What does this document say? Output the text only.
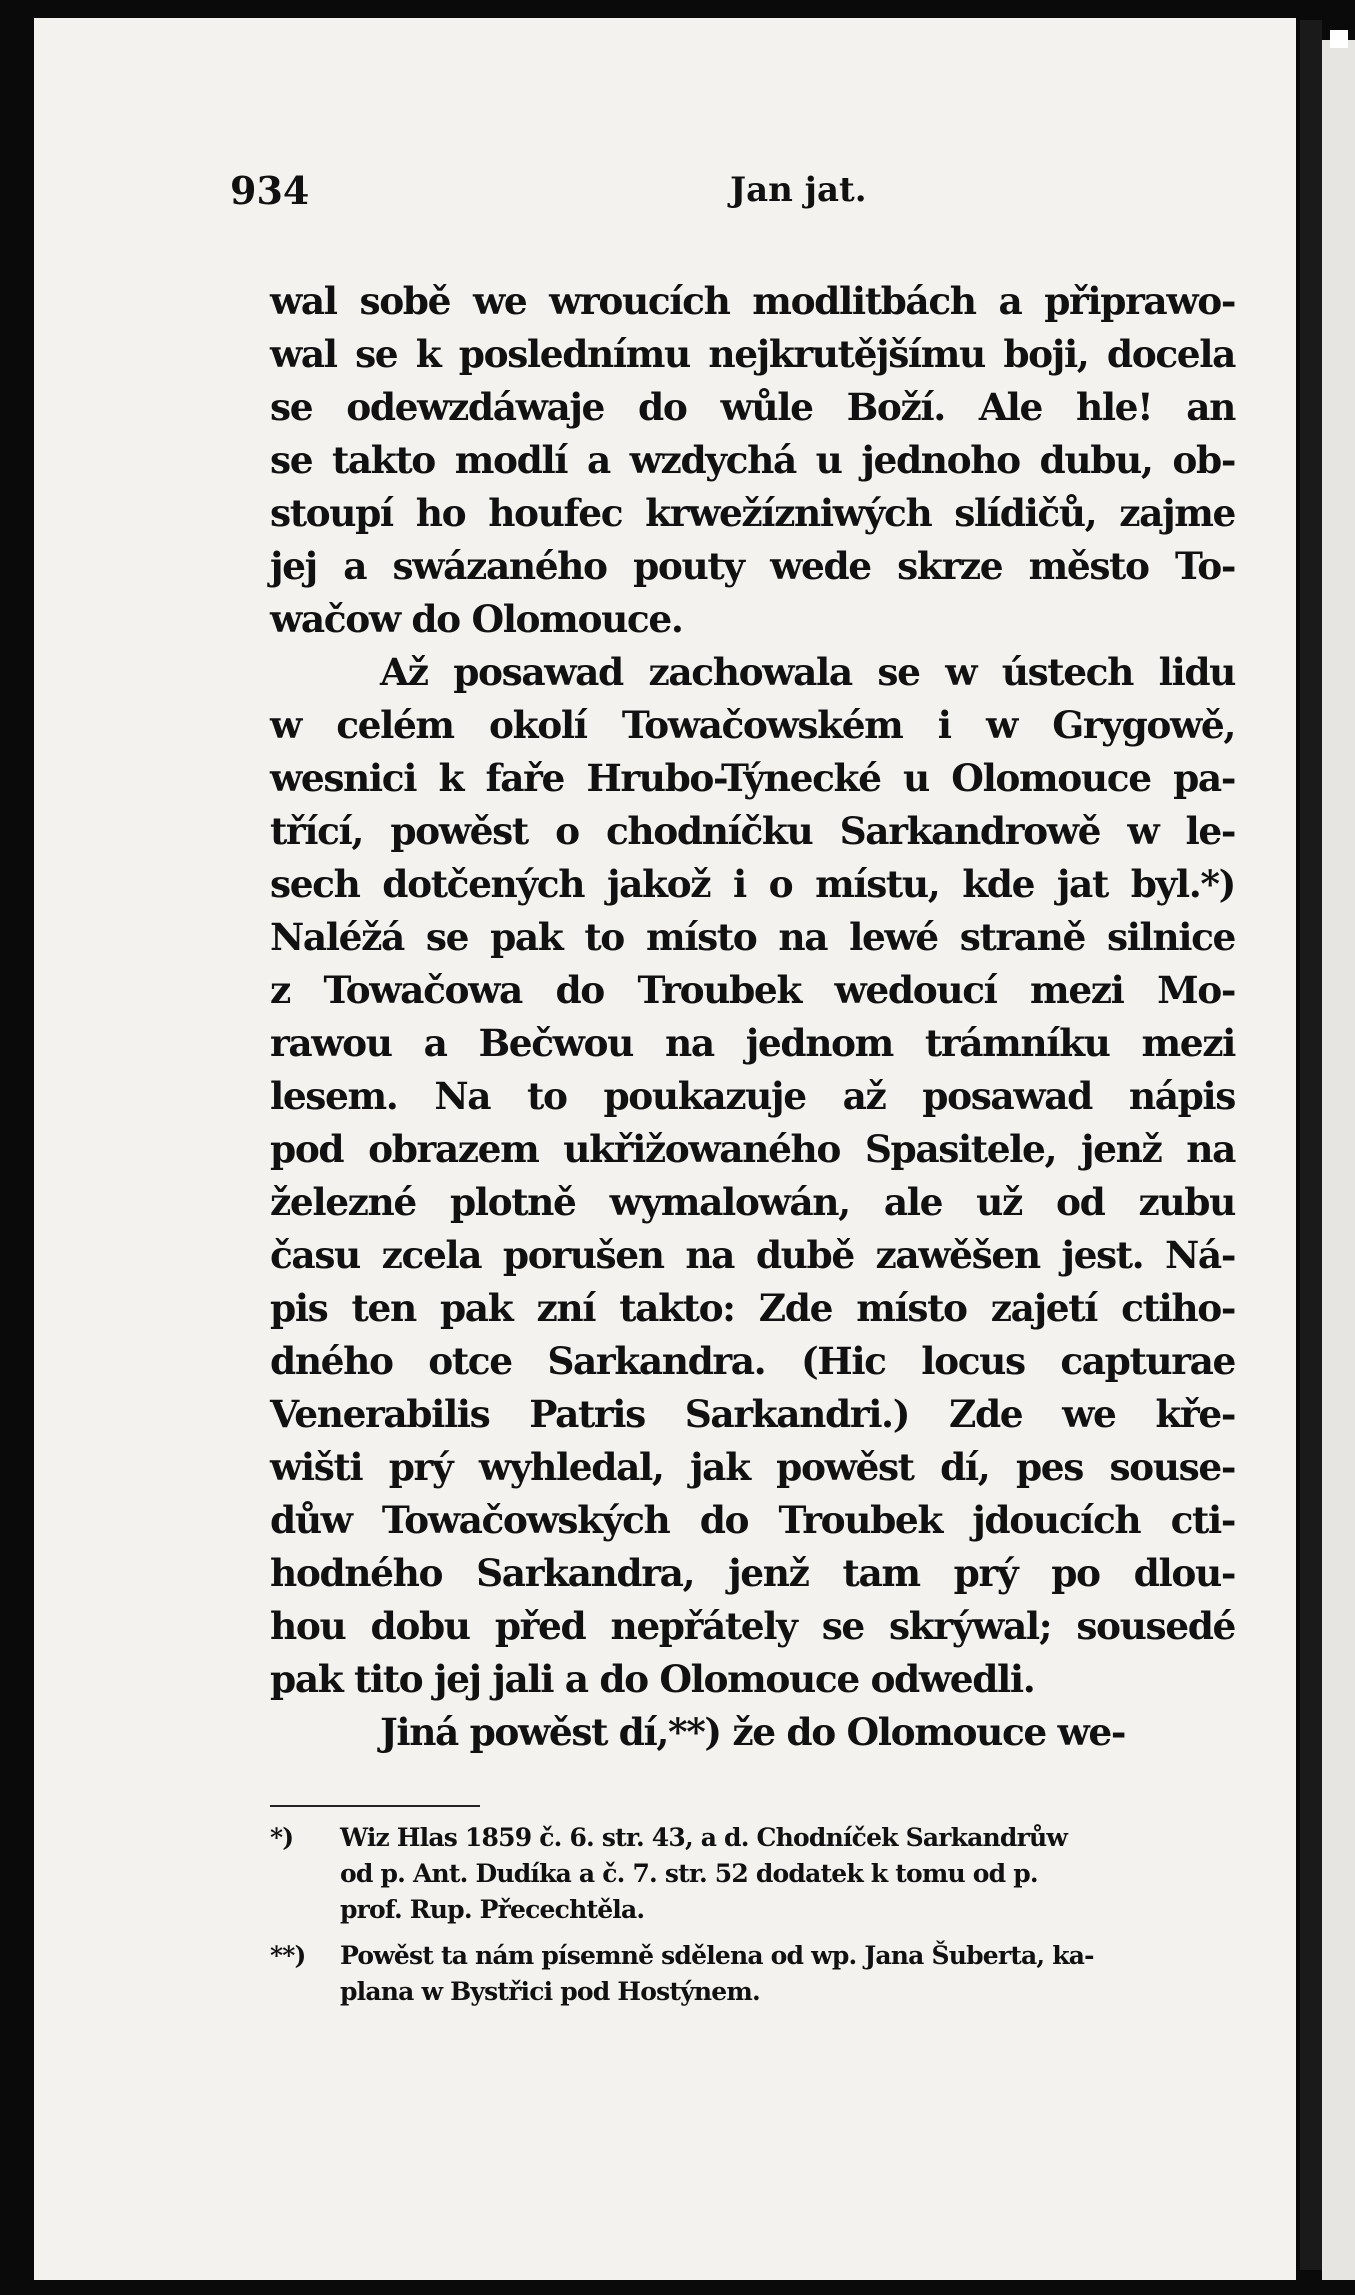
934	Jan jat.
wal sobě we wroucích modlitbách a připrawo-
wal se k poslednímu nejkrutějšímu boji, docela
se odewzdáwaje do wůle Boží. Ale hle! an
se takto modlí a wzdychá u jednoho dubu, ob-
stoupí ho houfec krwežízniwých slídičů, zajme
jej a swázaného pouty wede skrze město To-
wačow do Olomouce.
Až posawad zachowala se w ústech lidu
w celém okolí Towačowském i w Grygowě,
wesnici k faře Hrubo-Týnecké u Olomouce pa-
třící, powěst o chodníčku Sarkandrowě w le-
sech dotčených jakož i o místu, kde jat byl.*)
Naléžá se pak to místo na lewé straně silnice
z Towačowa do Troubek wedoucí mezi Mo-
rawou a Bečwou na jednom trámníku mezi
lesem. Na to poukazuje až posawad nápis
pod obrazem ukřižowaného Spasitele, jenž na
železné plotně wymalowán, ale už od zubu
času zcela porušen na dubě zawěšen jest. Ná-
pis ten pak zní takto: Zde místo zajetí ctiho-
dného otce Sarkandra. (Hic locus capturae
Venerabilis Patris Sarkandri.) Zde we kře-
wišti prý wyhledal, jak powěst dí, pes souse-
důw Towačowských do Troubek jdoucích cti-
hodného Sarkandra, jenž tam prý po dlou-
hou dobu před nepřátely se skrýwal; sousedé
pak tito jej jali a do Olomouce odwedli.
Jiná powěst dí,**) že do Olomouce we-
*) Wiz Hlas 1859 č. 6. str. 43, a d. Chodníček Sarkandrůw
od p. Ant. Dudíka a č. 7. str. 52 dodatek k tomu od p.
prof. Rup. Přecechtěla.
**) Powěst ta nám písemně sdělena od wp. Jana Šuberta, ka-
plana w Bystřici pod Hostýnem.
